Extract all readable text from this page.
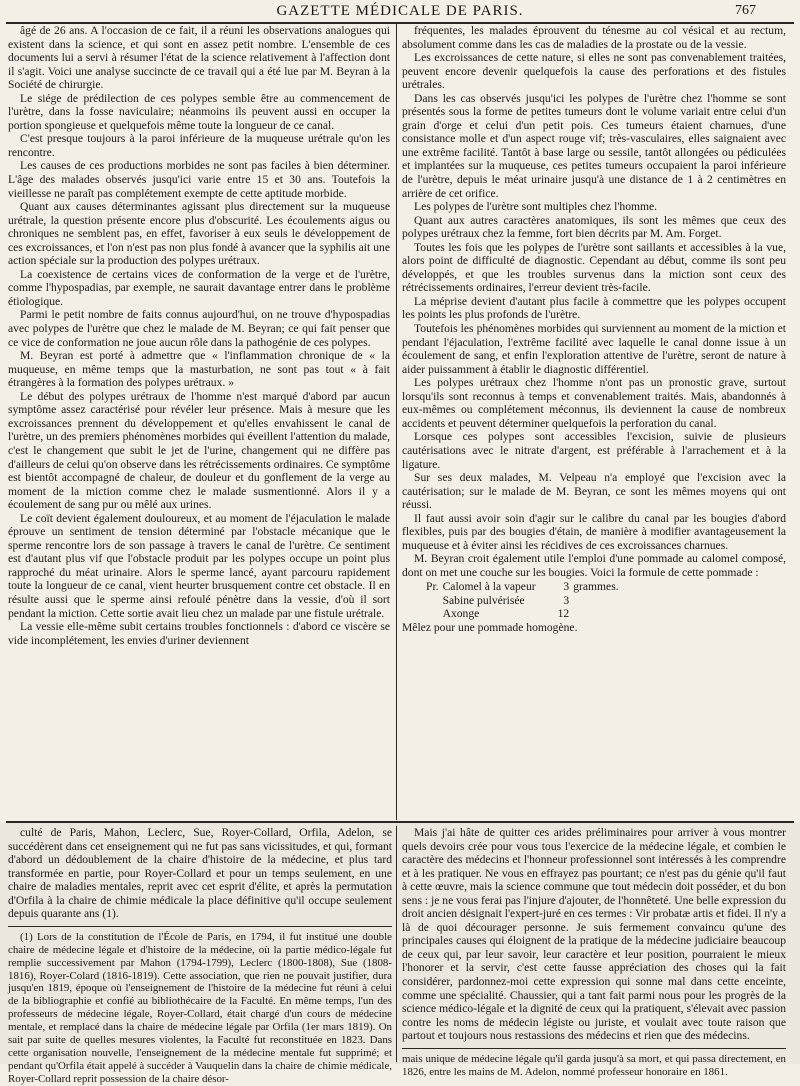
GAZETTE MÉDICALE DE PARIS.	767

âgé de 26 ans. A l'occasion de ce fait, il a réuni les observations analogues qui existent dans la science, et qui sont en assez petit nombre. L'ensemble de ces documents lui a servi à résumer l'état de la science relativement à l'affection dont il s'agit. Voici une analyse succincte de ce travail qui a été lue par M. Beyran à la Société de chirurgie.

Le siége de prédilection de ces polypes semble être au commencement de l'urètre, dans la fosse naviculaire; néanmoins ils peuvent aussi en occuper la portion spongieuse et quelquefois même toute la longueur de ce canal.

C'est presque toujours à la paroi inférieure de la muqueuse urétrale qu'on les rencontre.

Les causes de ces productions morbides ne sont pas faciles à bien déterminer. L'âge des malades observés jusqu'ici varie entre 15 et 30 ans. Toutefois la vieillesse ne paraît pas complétement exempte de cette aptitude morbide.

Quant aux causes déterminantes agissant plus directement sur la muqueuse urétrale, la question présente encore plus d'obscurité. Les écoulements aigus ou chroniques ne semblent pas, en effet, favoriser à eux seuls le développement de ces excroissances, et l'on n'est pas non plus fondé à avancer que la syphilis ait une action spéciale sur la production des polypes urétraux.

La coexistence de certains vices de conformation de la verge et de l'urètre, comme l'hypospadias, par exemple, ne saurait davantage entrer dans le problème étiologique.

Parmi le petit nombre de faits connus aujourd'hui, on ne trouve d'hypospadias avec polypes de l'urètre que chez le malade de M. Beyran; ce qui fait penser que ce vice de conformation ne joue aucun rôle dans la pathogénie de ces polypes.

M. Beyran est porté à admettre que « l'inflammation chronique de « la muqueuse, en même temps que la masturbation, ne sont pas tout « à fait étrangères à la formation des polypes urétraux. »

Le début des polypes urétraux de l'homme n'est marqué d'abord par aucun symptôme assez caractérisé pour révéler leur présence. Mais à mesure que les excroissances prennent du développement et qu'elles envahissent le canal de l'urètre, un des premiers phénomènes morbides qui éveillent l'attention du malade, c'est le changement que subit le jet de l'urine, changement qui ne diffère pas d'ailleurs de celui qu'on observe dans les rétrécissements ordinaires. Ce symptôme est bientôt accompagné de chaleur, de douleur et du gonflement de la verge au moment de la miction comme chez le malade susmentionné. Alors il y a écoulement de sang pur ou mêlé aux urines.

Le coït devient également douloureux, et au moment de l'éjaculation le malade éprouve un sentiment de tension déterminé par l'obstacle mécanique que le sperme rencontre lors de son passage à travers le canal de l'urètre. Ce sentiment est d'autant plus vif que l'obstacle produit par les polypes occupe un point plus rapproché du méat urinaire. Alors le sperme lancé, ayant parcouru rapidement toute la longueur de ce canal, vient heurter brusquement contre cet obstacle. Il en résulte aussi que le sperme ainsi refoulé pénètre dans la vessie, d'où il sort pendant la miction. Cette sortie avait lieu chez un malade par une fistule urétrale.

La vessie elle-même subit certains troubles fonctionnels : d'abord ce viscère se vide incomplétement, les envies d'uriner deviennent

fréquentes, les malades éprouvent du ténesme au col vésical et au rectum, absolument comme dans les cas de maladies de la prostate ou de la vessie.

Les excroissances de cette nature, si elles ne sont pas convenablement traitées, peuvent encore devenir quelquefois la cause des perforations et des fistules urétrales.

Dans les cas observés jusqu'ici les polypes de l'urètre chez l'homme se sont présentés sous la forme de petites tumeurs dont le volume variait entre celui d'un grain d'orge et celui d'un petit pois. Ces tumeurs étaient charnues, d'une consistance molle et d'un aspect rouge vif; très-vasculaires, elles saignaient avec une extrême facilité. Tantôt à base large ou sessile, tantôt allongées ou pédiculées et implantées sur la muqueuse, ces petites tumeurs occupaient la paroi inférieure de l'urètre, depuis le méat urinaire jusqu'à une distance de 1 à 2 centimètres en arrière de cet orifice.

Les polypes de l'urètre sont multiples chez l'homme.

Quant aux autres caractères anatomiques, ils sont les mêmes que ceux des polypes urétraux chez la femme, fort bien décrits par M. Am. Forget.

Toutes les fois que les polypes de l'urètre sont saillants et accessibles à la vue, alors point de difficulté de diagnostic. Cependant au début, comme ils sont peu développés, et que les troubles survenus dans la miction sont ceux des rétrécissements ordinaires, l'erreur devient très-facile.

La méprise devient d'autant plus facile à commettre que les polypes occupent les points les plus profonds de l'urètre.

Toutefois les phénomènes morbides qui surviennent au moment de la miction et pendant l'éjaculation, l'extrême facilité avec laquelle le canal donne issue à un écoulement de sang, et enfin l'exploration attentive de l'urètre, seront de nature à aider puissamment à établir le diagnostic différentiel.

Les polypes urétraux chez l'homme n'ont pas un pronostic grave, surtout lorsqu'ils sont reconnus à temps et convenablement traités. Mais, abandonnés à eux-mêmes ou complétement méconnus, ils deviennent la cause de nombreux accidents et peuvent déterminer quelquefois la perforation du canal.

Lorsque ces polypes sont accessibles l'excision, suivie de plusieurs cautérisations avec le nitrate d'argent, est préférable à l'arrachement et à la ligature.

Sur ses deux malades, M. Velpeau n'a employé que l'excision avec la cautérisation; sur le malade de M. Beyran, ce sont les mêmes moyens qui ont réussi.

Il faut aussi avoir soin d'agir sur le calibre du canal par les bougies d'abord flexibles, puis par des bougies d'étain, de manière à modifier avantageusement la muqueuse et à éviter ainsi les récidives de ces excroissances charnues.

M. Beyran croit également utile l'emploi d'une pommade au calomel composé, dont on met une couche sur les bougies. Voici la formule de cette pommade :

Pr.	Calomel à la vapeur	3	grammes.
	Sabine pulvérisée	3	
	Axonge	12	

Mêlez pour une pommade homogène.

culté de Paris, Mahon, Leclerc, Sue, Royer-Collard, Orfila, Adelon, se succédèrent dans cet enseignement qui ne fut pas sans vicissitudes, et qui, formant d'abord un dédoublement de la chaire d'histoire de la médecine, et plus tard transformée en partie, pour Royer-Collard et pour un temps seulement, en une chaire de maladies mentales, reprit avec cet esprit d'élite, et après la permutation d'Orfila à la chaire de chimie médicale la place définitive qu'il occupe seulement depuis quarante ans (1).

(1) Lors de la constitution de l'École de Paris, en 1794, il fut institué une double chaire de médecine légale et d'histoire de la médecine, où la partie médico-légale fut remplie successivement par Mahon (1794-1799), Leclerc (1800-1808), Sue (1808-1816), Royer-Colard (1816-1819). Cette association, que rien ne pouvait justifier, dura jusqu'en 1819, époque où l'enseignement de l'histoire de la médecine fut réuni à celui de la bibliographie et confié au bibliothécaire de la Faculté. En même temps, l'un des professeurs de médecine légale, Royer-Collard, était chargé d'un cours de médecine mentale, et remplacé dans la chaire de médecine légale par Orfila (1er mars 1819). On sait par suite de quelles mesures violentes, la Faculté fut reconstituée en 1823. Dans cette organisation nouvelle, l'enseignement de la médecine mentale fut supprimé; et pendant qu'Orfila était appelé à succéder à Vauquelin dans la chaire de chimie médicale, Royer-Collard reprit possession de la chaire désor-

Mais j'ai hâte de quitter ces arides préliminaires pour arriver à vous montrer quels devoirs crée pour vous tous l'exercice de la médecine légale, et combien le caractère des médecins et l'honneur professionnel sont intéressés à les comprendre et à les pratiquer. Ne vous en effrayez pas pourtant; ce n'est pas du génie qu'il faut à cette œuvre, mais la science commune que tout médecin doit posséder, et du bon sens : je ne vous ferai pas l'injure d'ajouter, de l'honnêteté. Une belle expression du droit ancien désignait l'expert-juré en ces termes : Vir probatæ artis et fidei. Il n'y a là de quoi décourager personne. Je suis fermement convaincu qu'une des principales causes qui éloignent de la pratique de la médecine judiciaire beaucoup de ceux qui, par leur savoir, leur caractère et leur position, pourraient le mieux l'honorer et la servir, c'est cette fausse appréciation des choses qui la fait considérer, pardonnez-moi cette expression qui sonne mal dans cette enceinte, comme une spécialité. Chaussier, qui a tant fait parmi nous pour les progrès de la science médico-légale et la dignité de ceux qui la pratiquent, s'élevait avec passion contre les noms de médecin légiste ou juriste, et voulait avec toute raison que partout et toujours nous restassions des médecins et rien que des médecins.

mais unique de médecine légale qu'il garda jusqu'à sa mort, et qui passa directement, en 1826, entre les mains de M. Adelon, nommé professeur honoraire en 1861.
